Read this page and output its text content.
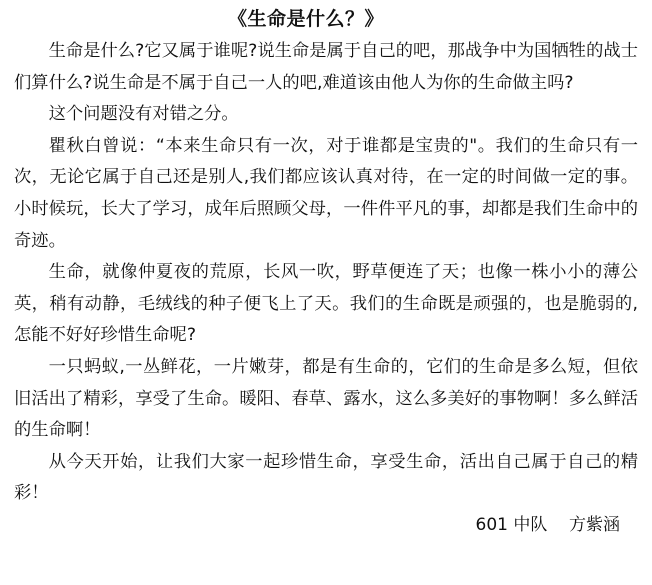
《生命是什么？》

生命是什么?它又属于谁呢?说生命是属于自己的吧，那战争中为国牺牲的战士们算什么?说生命是不属于自己一人的吧,难道该由他人为你的生命做主吗?

这个问题没有对错之分。

瞿秋白曾说：“本来生命只有一次，对于谁都是宝贵的"。我们的生命只有一次，无论它属于自己还是别人,我们都应该认真对待，在一定的时间做一定的事。小时候玩，长大了学习，成年后照顾父母，一件件平凡的事，却都是我们生命中的奇迹。

生命，就像仲夏夜的荒原，长风一吹，野草便连了天；也像一株小小的薄公英，稍有动静，毛绒线的种子便飞上了天。我们的生命既是顽强的，也是脆弱的,怎能不好好珍惜生命呢?

一只蚂蚁,一丛鲜花，一片嫩芽，都是有生命的，它们的生命是多么短，但依旧活出了精彩，享受了生命。暖阳、春草、露水，这么多美好的事物啊！多么鲜活的生命啊！

从今天开始，让我们大家一起珍惜生命，享受生命，活出自己属于自己的精彩！

601 中队    方紫涵
